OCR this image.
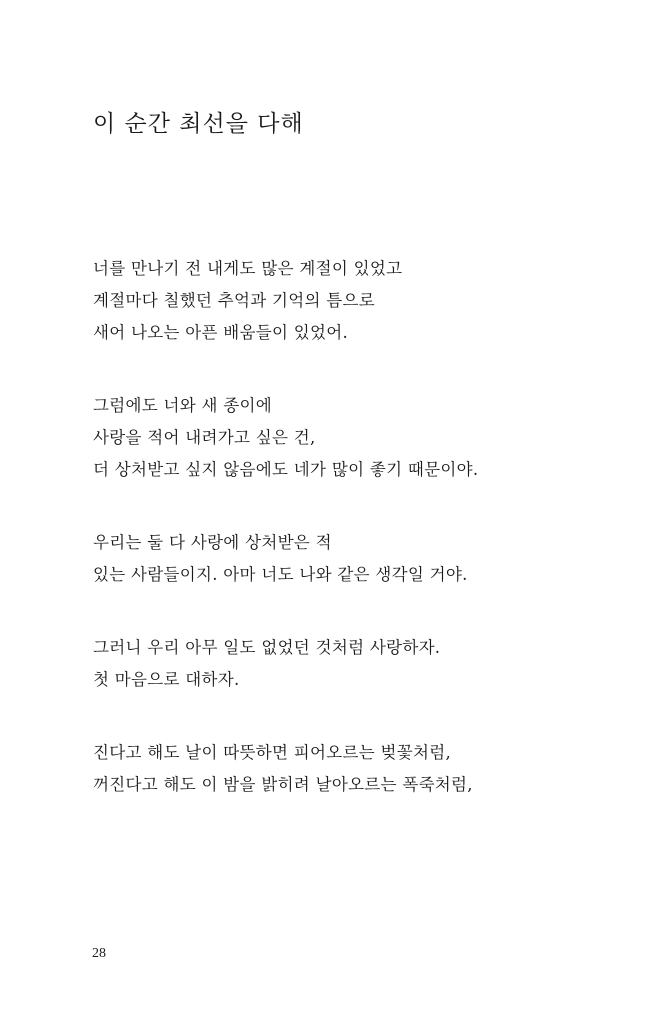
이 순간 최선을 다해
너를 만나기 전 내게도 많은 계절이 있었고
계절마다 칠했던 추억과 기억의 틈으로
새어 나오는 아픈 배움들이 있었어.
그럼에도 너와 새 종이에
사랑을 적어 내려가고 싶은 건,
더 상처받고 싶지 않음에도 네가 많이 좋기 때문이야.
우리는 둘 다 사랑에 상처받은 적
있는 사람들이지. 아마 너도 나와 같은 생각일 거야.
그러니 우리 아무 일도 없었던 것처럼 사랑하자.
첫 마음으로 대하자.
진다고 해도 날이 따뜻하면 피어오르는 벚꽃처럼,
꺼진다고 해도 이 밤을 밝히려 날아오르는 폭죽처럼,
28
